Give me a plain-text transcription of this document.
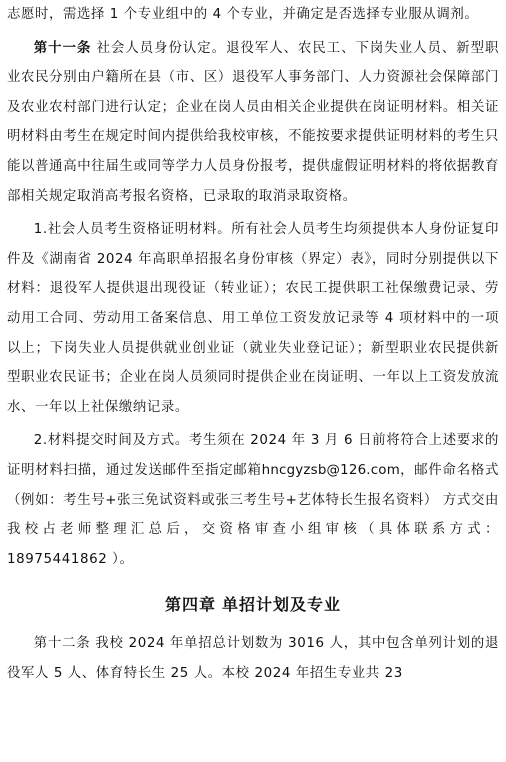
志愿时，需选择 1 个专业组中的 4 个专业，并确定是否选择专业服从调剂。

第十一条 社会人员身份认定。退役军人、农民工、下岗失业人员、新型职业农民分别由户籍所在县（市、区）退役军人事务部门、人力资源社会保障部门及农业农村部门进行认定；企业在岗人员由相关企业提供在岗证明材料。相关证明材料由考生在规定时间内提供给我校审核，不能按要求提供证明材料的考生只能以普通高中往届生或同等学力人员身份报考，提供虚假证明材料的将依据教育部相关规定取消高考报名资格，已录取的取消录取资格。

1.社会人员考生资格证明材料。所有社会人员考生均须提供本人身份证复印件及《湖南省 2024 年高职单招报名身份审核（界定）表》，同时分别提供以下材料：退役军人提供退出现役证（转业证）；农民工提供职工社保缴费记录、劳动用工合同、劳动用工备案信息、用工单位工资发放记录等 4 项材料中的一项以上；下岗失业人员提供就业创业证（就业失业登记证）；新型职业农民提供新型职业农民证书；企业在岗人员须同时提供企业在岗证明、一年以上工资发放流水、一年以上社保缴纳记录。

2.材料提交时间及方式。考生须在 2024 年 3 月 6 日前将符合上述要求的证明材料扫描，通过发送邮件至指定邮箱hncgyzsb@126.com，邮件命名格式（例如：考生号+张三免试资料或张三考生号+艺体特长生报名资料） 方式交由我校占老师整理汇总后，交资格审查小组审核（具体联系方式：18975441862 ）。

第四章 单招计划及专业

第十二条 我校 2024 年单招总计划数为 3016 人，其中包含单列计划的退役军人 5 人、体育特长生 25 人。本校 2024 年招生专业共 23
